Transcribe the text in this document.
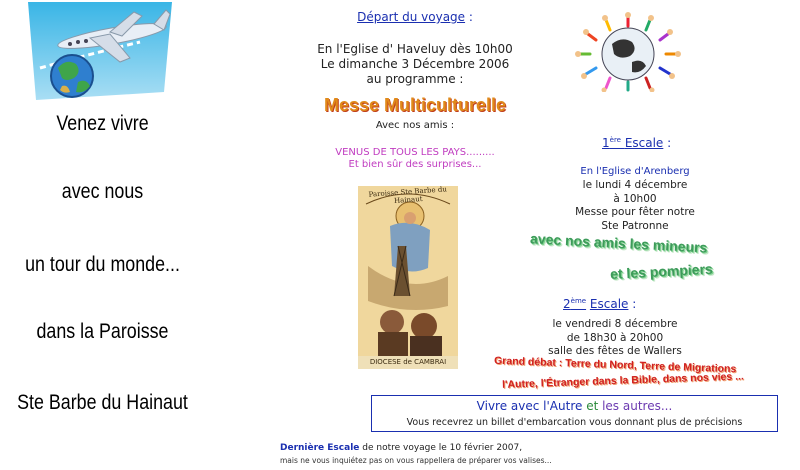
Venez vivre
avec nous
un tour du monde...
dans la Paroisse
Ste Barbe du Hainaut
Départ du voyage :
En l'Eglise d' Haveluy dès 10h00
Le dimanche 3 Décembre 2006
au programme :
Messe Multiculturelle
Avec nos amis :
VENUS DE TOUS LES PAYS.........
Et bien sûr des surprises...
Paroisse Ste Barbe du Hainaut
DIOCESE de CAMBRAI
1ère Escale :
En l'Eglise d'Arenberg
le lundi 4 décembre
à 10h00
Messe pour fêter notre
Ste Patronne
avec nos amis les mineurs
et les pompiers
2ème Escale :
le vendredi 8 décembre
de 18h30 à 20h00
salle des fêtes de Wallers
Grand débat : Terre du Nord, Terre de Migrations
l'Autre, l'Étranger dans la Bible, dans nos vies ...
Vivre avec l'Autre et les autres...
Vous recevrez un billet d'embarcation vous donnant plus de précisions
Dernière Escale de notre voyage le 10 février 2007,
mais ne vous inquiétez pas on vous rappellera de préparer vos valises...
